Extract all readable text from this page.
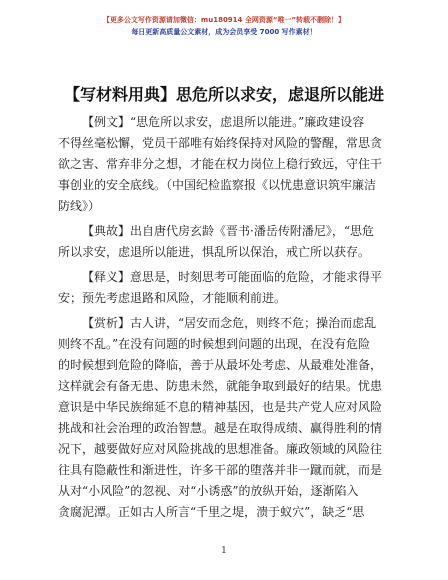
【更多公文写作资源请加微信：mu180914 全网资源“唯一”转载不删除！】
每日更新高质量公文素材，成为会员享受 7000 写作素材！
【写材料用典】思危所以求安，虑退所以能进

【例文】“思危所以求安，虑退所以能进。”廉政建设容
不得丝毫松懈，党员干部唯有始终保持对风险的警醒，常思贪
欲之害、常弃非分之想，才能在权力岗位上稳行致远，守住干
事创业的安全底线。（中国纪检监察报《以忧患意识筑牢廉洁
防线》）

【典故】出自唐代房玄龄《晋书·潘岳传附潘尼》，“思危
所以求安，虑退所以能进，惧乱所以保治，戒亡所以获存。

【释义】意思是，时刻思考可能面临的危险，才能求得平
安；预先考虑退路和风险，才能顺利前进。

【赏析】古人讲，“居安而念危，则终不危；操治而虑乱
则终不乱。”在没有问题的时候想到问题的出现，在没有危险
的时候想到危险的降临，善于从最坏处考虑、从最难处准备，
这样就会有备无患、防患未然，就能争取到最好的结果。忧患
意识是中华民族绵延不息的精神基因，也是共产党人应对风险
挑战和社会治理的政治智慧。越是在取得成绩、赢得胜利的情
况下，越要做好应对风险挑战的思想准备。廉政领域的风险往
往具有隐蔽性和渐进性，许多干部的堕落并非一蹴而就，而是
从对“小风险”的忽视、对“小诱惑”的放纵开始，逐渐陷入
贪腐泥潭。正如古人所言“千里之堤，溃于蚁穴”，缺乏“思

1
